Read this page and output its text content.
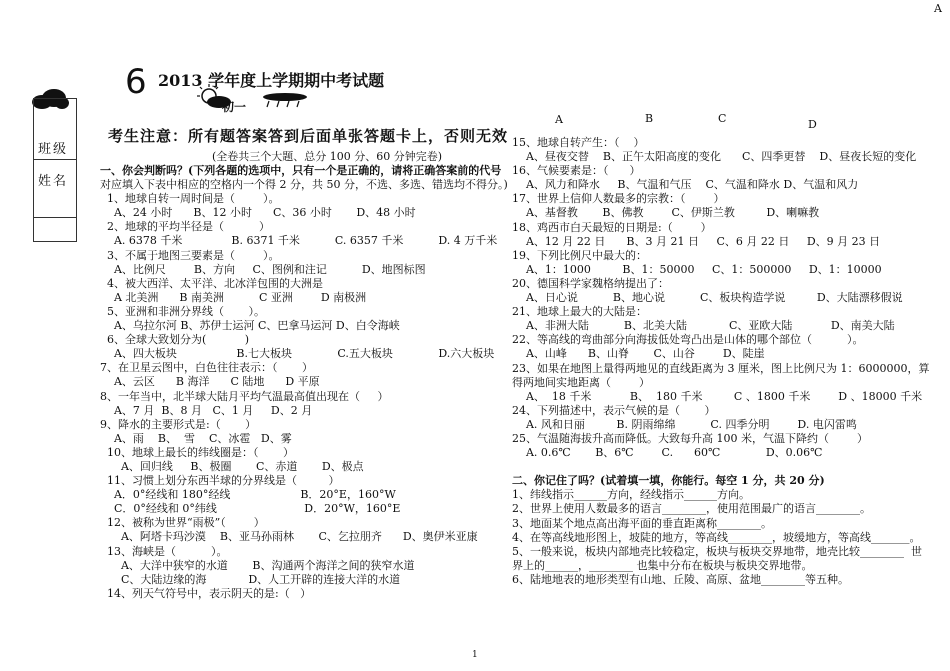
A
6
班级
姓名
2013 学年度上学期期中考试题
初一
考生注意：所有题答案答到后面单张答题卡上，否则无效
(全卷共三个大题、总分 100 分、60 分钟完卷)
A	B	C	D
一、你会判断吗？(下列各题的选项中，只有一个是正确的，请将正确答案前的代号
对应填入下表中相应的空格内一个得 2 分，共 50 分，不选、多选、错选均不得分。)
1、地球自转一周时间是（        ）。
A、24 小时      B、12 小时      C、36 小时       D、48 小时
2、地球的平均半径是（          ）
A. 6378 千米              B. 6371 千米          C. 6357 千米          D. 4 万千米
3、不属于地图三要素是（        ）。
A、比例尺        B、方向     C、图例和注记          D、地图标图
4、被大西洋、太平洋、北冰洋包围的大洲是
A 北美洲      B 南美洲          C 亚洲        D 南极洲
5、亚洲和非洲分界线（       ）。
A、乌拉尔河 B、苏伊士运河 C、巴拿马运河 D、白令海峡
6、全球大致划分为(           )
A、四大板块                 B.七大板块             C.五大板块             D.六大板块
7、在卫星云图中，白色往往表示：（       ）
A、云区      B 海洋      C 陆地      D 平原
8、一年当中，北半球大陆月平均气温最高值出现在（     ）
A、7 月  B、8 月   C、1 月     D、2 月
9、降水的主要形式是:（       ）
A、雨    B、  雪    C、冰雹   D、雾
10、地球上最长的纬线圈是：（       ）
A、回归线     B、极圈       C、赤道       D、极点
11、习惯上划分东西半球的分界线是（         ）
A．0°经线和 180°经线                    B．20°E，160°W
C．0°经线和 0°纬线                         D．20°W，160°E
12、被称为世界“雨极”（        ）
A、阿塔卡玛沙漠    B、亚马孙雨林       C、乞拉朋齐      D、奥伊米亚康
13、海峡是（          ）。
A、大洋中狭窄的水道       B、沟通两个海洋之间的狭窄水道
C、大陆边缘的海            D、人工开辟的连接大洋的水道
14、列天气符号中，表示阴天的是:（   ）
15、地球自转产生：（    ）
A、昼夜交替    B、正午太阳高度的变化      C、四季更替    D、昼夜长短的变化
16、气候要素是：（      ）
A、风力和降水     B、气温和气压    C、气温和降水 D、气温和风力
17、世界上信仰人数最多的宗教：（        ）
A、基督教       B、佛教        C、伊斯兰教         D、喇嘛教
18、鸡西市白天最短的日期是:（        ）
A、12 月 22 日      B、3 月 21 日     C、6 月 22 日     D、9 月 23 日
19、下列比例尺中最大的：
A、1：1000         B、1：50000     C、1：500000     D、1：10000
20、德国科学家魏格纳提出了：
A、日心说          B、地心说          C、板块构造学说         D、大陆漂移假说
21、地球上最大的大陆是：
A、非洲大陆          B、北美大陆            C、亚欧大陆           D、南美大陆
22、等高线的弯曲部分向海拔低处弯凸出是山体的哪个部位（          ）。
A、山峰      B、山脊       C、山谷        D、陡崖
23、如果在地图上量得两地见的直线距离为 3 厘米，图上比例尺为 1：6000000，算
得两地间实地距离（        ）
A、  18 千米           B、  180 千米         C 、1800 千米        D 、18000 千米
24、下列描述中，表示气候的是（       ）
A. 风和日丽         B. 阴雨绵绵          C. 四季分明        D. 电闪雷鸣
25、气温随海拔升高而降低。大致每升高 100 米，气温下降约（        ）
A. 0.6℃       B、6℃        C.      60℃             D、0.06℃
二、你记住了吗？(试着填一填，你能行。每空 1 分，共 20 分)
1、纬线指示______方向，经线指示______方向。
2、世界上使用人数最多的语言________，使用范围最广的语言________。
3、地面某个地点高出海平面的垂直距离称________。
4、在等高线地形图上，坡陡的地方，等高线________，坡缓地方，等高线_______。
5、一般来说，板块内部地壳比较稳定，板块与板块交界地带，地壳比较________  世
界上的______，________ 也集中分布在板块与板块交界地带。
6、陆地地表的地形类型有山地、丘陵、高原、盆地________等五种。
1
